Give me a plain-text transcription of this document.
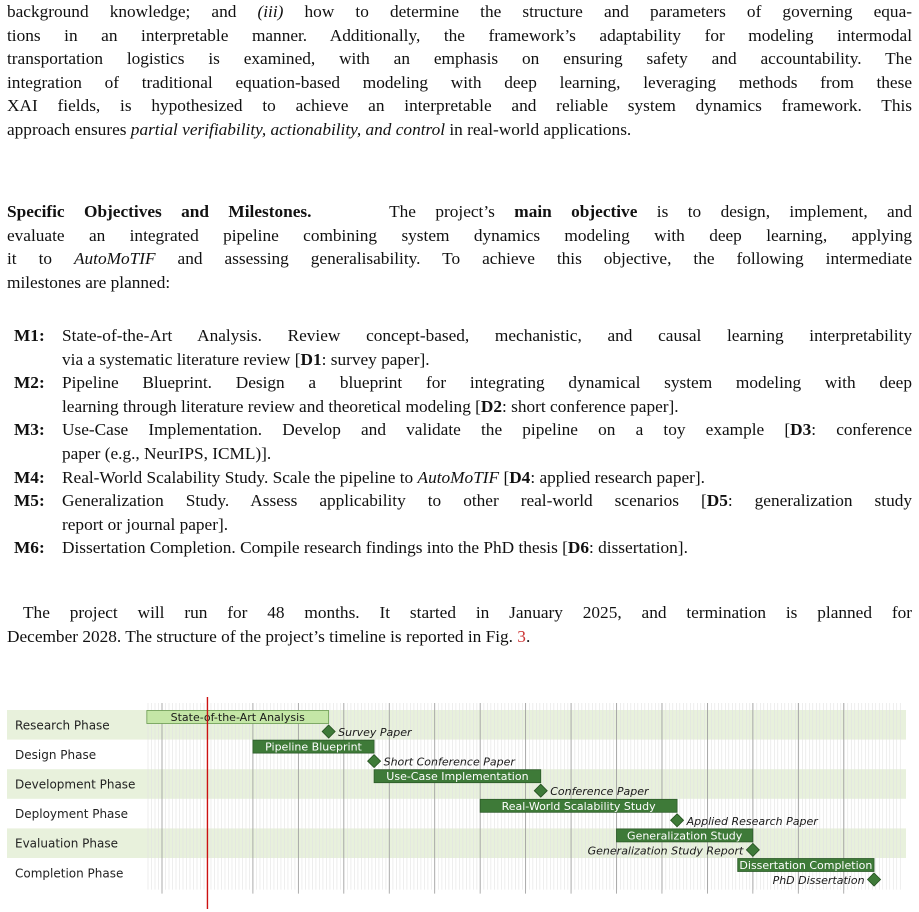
background knowledge; and (iii) how to determine the structure and parameters of governing equa-
tions in an interpretable manner. Additionally, the framework’s adaptability for modeling intermodal
transportation logistics is examined, with an emphasis on ensuring safety and accountability. The
integration of traditional equation-based modeling with deep learning, leveraging methods from these
XAI fields, is hypothesized to achieve an interpretable and reliable system dynamics framework. This
approach ensures partial verifiability, actionability, and control in real-world applications.
Specific Objectives and Milestones.	The project’s main objective is to design, implement, and
evaluate an integrated pipeline combining system dynamics modeling with deep learning, applying
it to AutoMoTIF and assessing generalisability. To achieve this objective, the following intermediate
milestones are planned:
M1: State-of-the-Art Analysis. Review concept-based, mechanistic, and causal learning interpretability
via a systematic literature review [D1: survey paper].
M2: Pipeline Blueprint. Design a blueprint for integrating dynamical system modeling with deep
learning through literature review and theoretical modeling [D2: short conference paper].
M3: Use-Case Implementation. Develop and validate the pipeline on a toy example [D3: conference
paper (e.g., NeurIPS, ICML)].
M4: Real-World Scalability Study. Scale the pipeline to AutoMoTIF [D4: applied research paper].
M5: Generalization Study. Assess applicability to other real-world scenarios [D5: generalization study
report or journal paper].
M6: Dissertation Completion. Compile research findings into the PhD thesis [D6: dissertation].
The project will run for 48 months. It started in January 2025, and termination is planned for
December 2028. The structure of the project’s timeline is reported in Fig. 3.
State-of-the-Art Analysis
Pipeline Blueprint
Use-Case Implementation
Real-World Scalability Study
Generalization Study
Dissertation Completion
Survey Paper
Short Conference Paper
Conference Paper
Applied Research Paper
Generalization Study Report
PhD Dissertation
Research Phase
Design Phase
Development Phase
Deployment Phase
Evaluation Phase
Completion Phase
